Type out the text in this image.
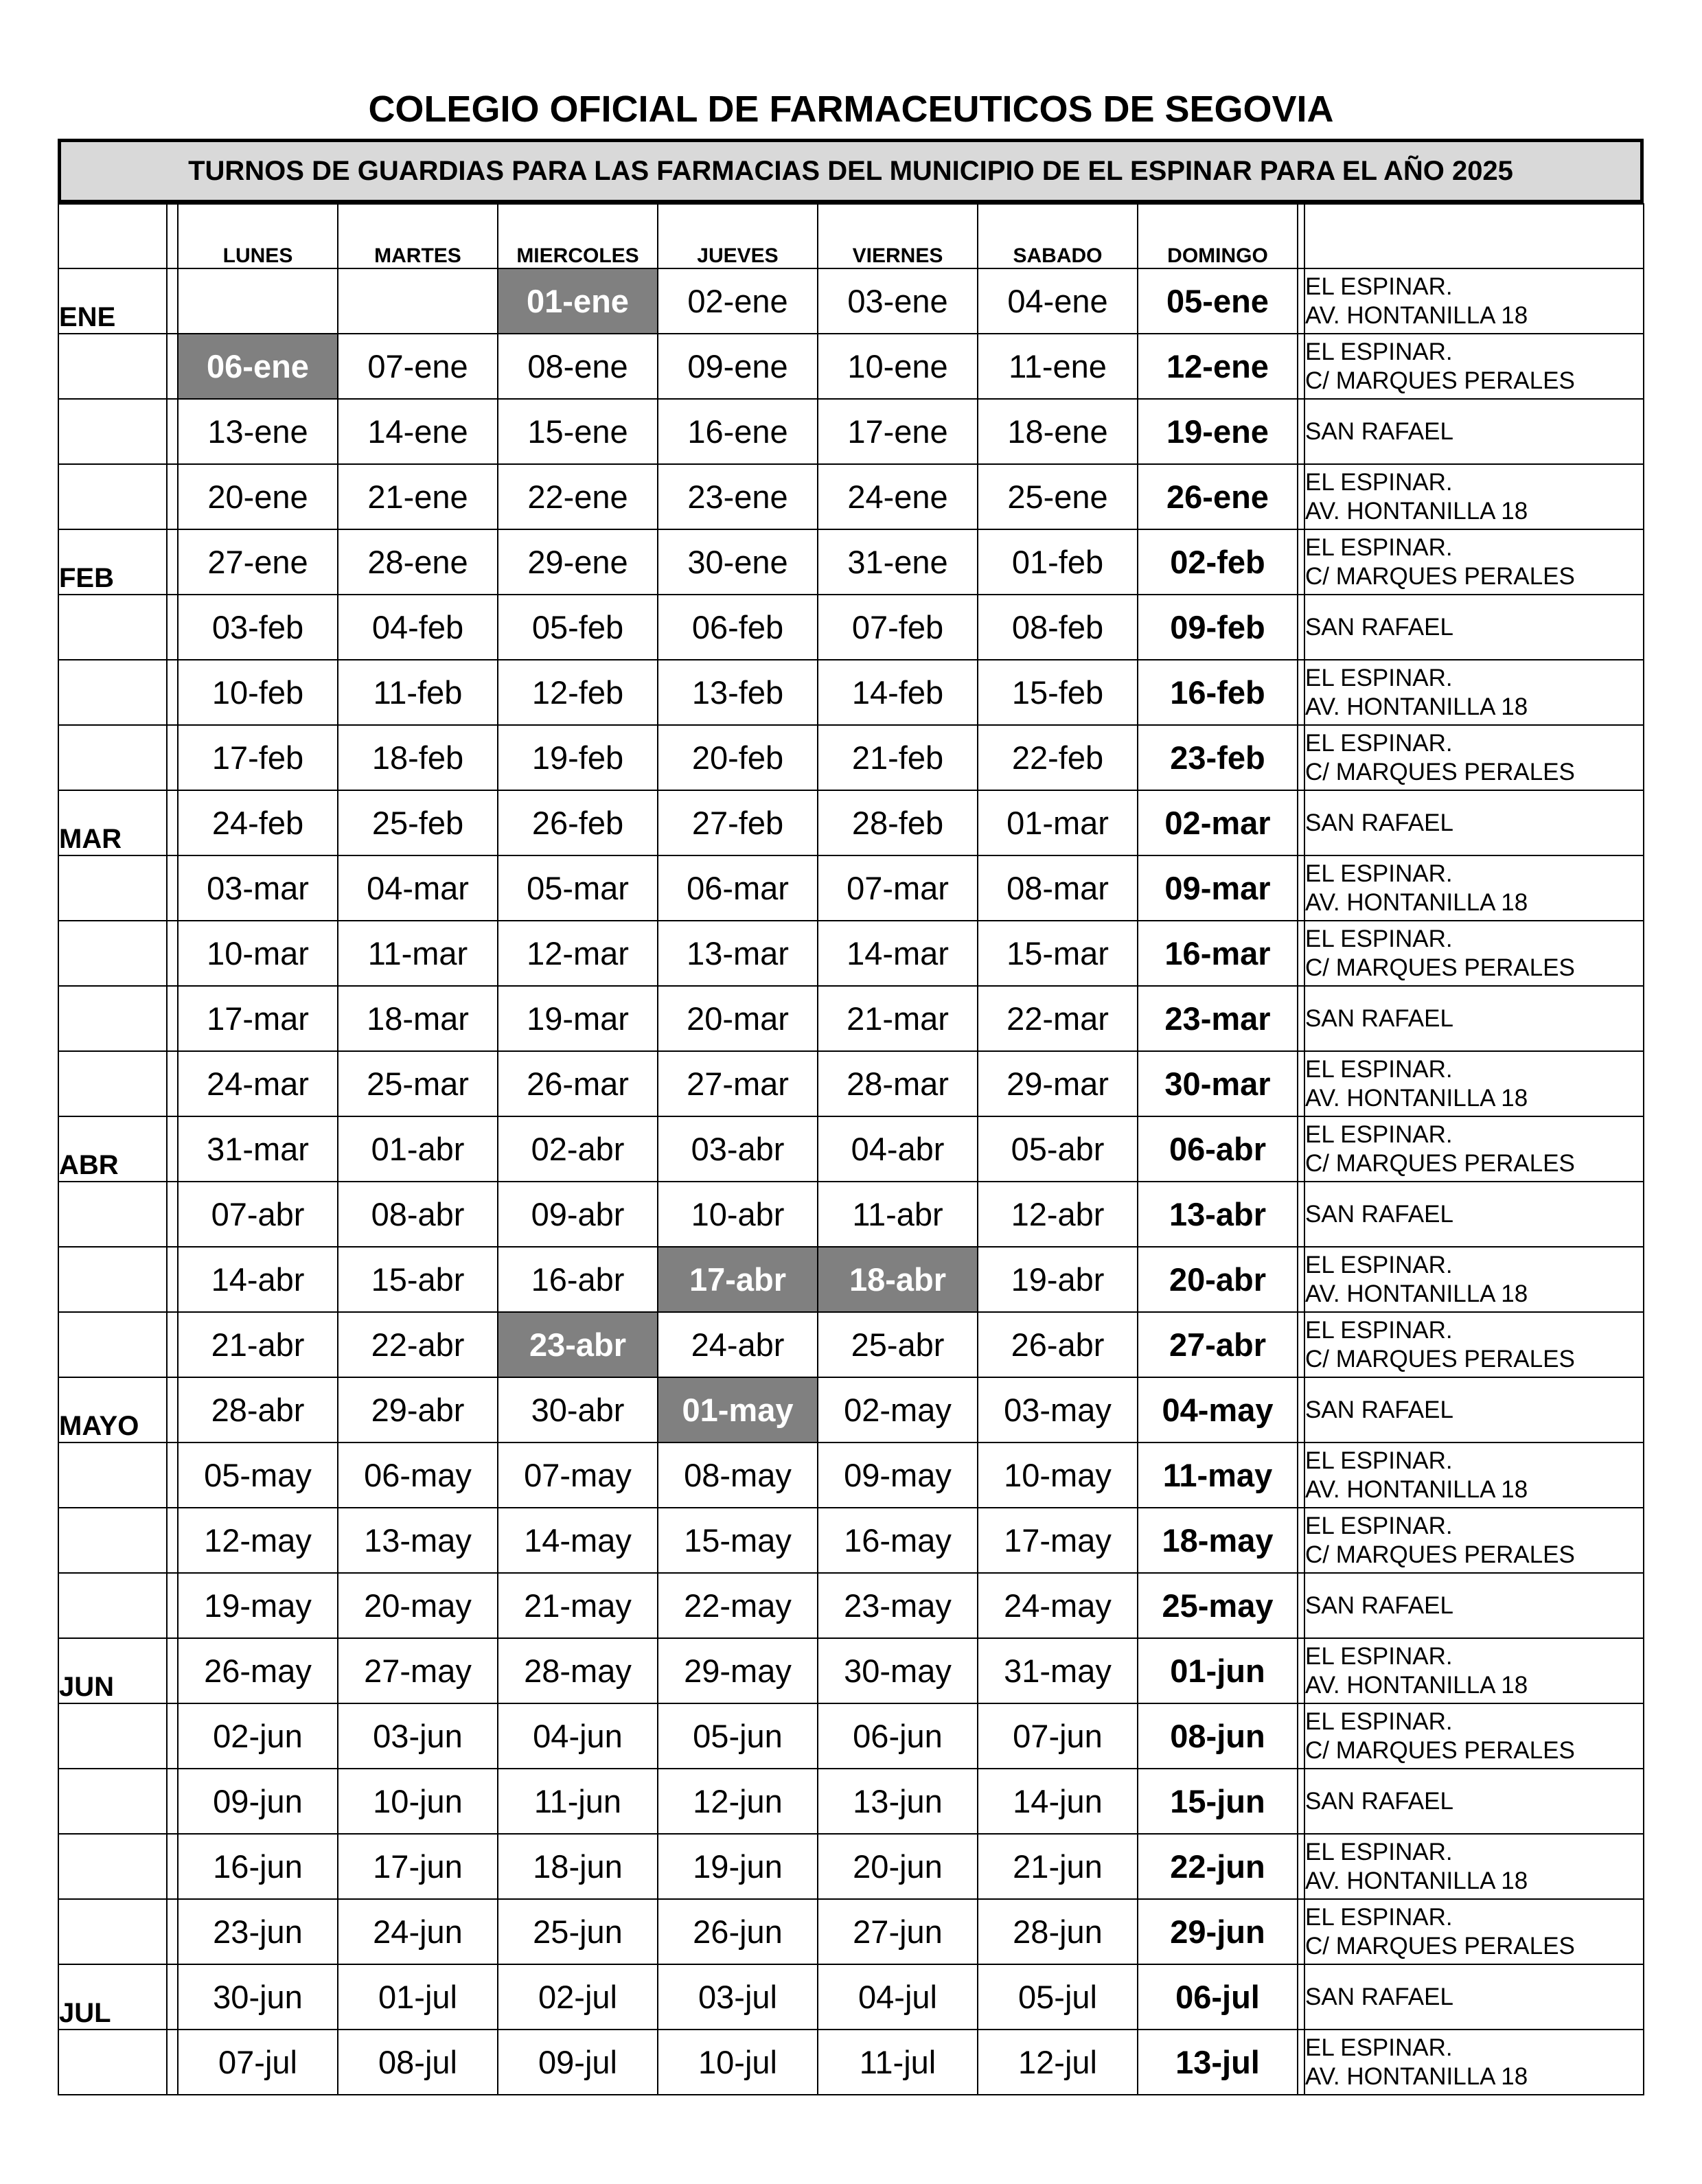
COLEGIO OFICIAL DE FARMACEUTICOS DE SEGOVIA
TURNOS DE GUARDIAS PARA LAS FARMACIAS DEL MUNICIPIO DE EL ESPINAR PARA EL AÑO 2025
		LUNES	MARTES	MIERCOLES	JUEVES	VIERNES	SABADO	DOMINGO		
ENE				01-ene	02-ene	03-ene	04-ene	05-ene		EL ESPINAR.
AV. HONTANILLA 18
		06-ene	07-ene	08-ene	09-ene	10-ene	11-ene	12-ene		EL ESPINAR.
C/ MARQUES PERALES
		13-ene	14-ene	15-ene	16-ene	17-ene	18-ene	19-ene		SAN RAFAEL
		20-ene	21-ene	22-ene	23-ene	24-ene	25-ene	26-ene		EL ESPINAR.
AV. HONTANILLA 18
FEB		27-ene	28-ene	29-ene	30-ene	31-ene	01-feb	02-feb		EL ESPINAR.
C/ MARQUES PERALES
		03-feb	04-feb	05-feb	06-feb	07-feb	08-feb	09-feb		SAN RAFAEL
		10-feb	11-feb	12-feb	13-feb	14-feb	15-feb	16-feb		EL ESPINAR.
AV. HONTANILLA 18
		17-feb	18-feb	19-feb	20-feb	21-feb	22-feb	23-feb		EL ESPINAR.
C/ MARQUES PERALES
MAR		24-feb	25-feb	26-feb	27-feb	28-feb	01-mar	02-mar		SAN RAFAEL
		03-mar	04-mar	05-mar	06-mar	07-mar	08-mar	09-mar		EL ESPINAR.
AV. HONTANILLA 18
		10-mar	11-mar	12-mar	13-mar	14-mar	15-mar	16-mar		EL ESPINAR.
C/ MARQUES PERALES
		17-mar	18-mar	19-mar	20-mar	21-mar	22-mar	23-mar		SAN RAFAEL
		24-mar	25-mar	26-mar	27-mar	28-mar	29-mar	30-mar		EL ESPINAR.
AV. HONTANILLA 18
ABR		31-mar	01-abr	02-abr	03-abr	04-abr	05-abr	06-abr		EL ESPINAR.
C/ MARQUES PERALES
		07-abr	08-abr	09-abr	10-abr	11-abr	12-abr	13-abr		SAN RAFAEL
		14-abr	15-abr	16-abr	17-abr	18-abr	19-abr	20-abr		EL ESPINAR.
AV. HONTANILLA 18
		21-abr	22-abr	23-abr	24-abr	25-abr	26-abr	27-abr		EL ESPINAR.
C/ MARQUES PERALES
MAYO		28-abr	29-abr	30-abr	01-may	02-may	03-may	04-may		SAN RAFAEL
		05-may	06-may	07-may	08-may	09-may	10-may	11-may		EL ESPINAR.
AV. HONTANILLA 18
		12-may	13-may	14-may	15-may	16-may	17-may	18-may		EL ESPINAR.
C/ MARQUES PERALES
		19-may	20-may	21-may	22-may	23-may	24-may	25-may		SAN RAFAEL
JUN		26-may	27-may	28-may	29-may	30-may	31-may	01-jun		EL ESPINAR.
AV. HONTANILLA 18
		02-jun	03-jun	04-jun	05-jun	06-jun	07-jun	08-jun		EL ESPINAR.
C/ MARQUES PERALES
		09-jun	10-jun	11-jun	12-jun	13-jun	14-jun	15-jun		SAN RAFAEL
		16-jun	17-jun	18-jun	19-jun	20-jun	21-jun	22-jun		EL ESPINAR.
AV. HONTANILLA 18
		23-jun	24-jun	25-jun	26-jun	27-jun	28-jun	29-jun		EL ESPINAR.
C/ MARQUES PERALES
JUL		30-jun	01-jul	02-jul	03-jul	04-jul	05-jul	06-jul		SAN RAFAEL
		07-jul	08-jul	09-jul	10-jul	11-jul	12-jul	13-jul		EL ESPINAR.
AV. HONTANILLA 18
